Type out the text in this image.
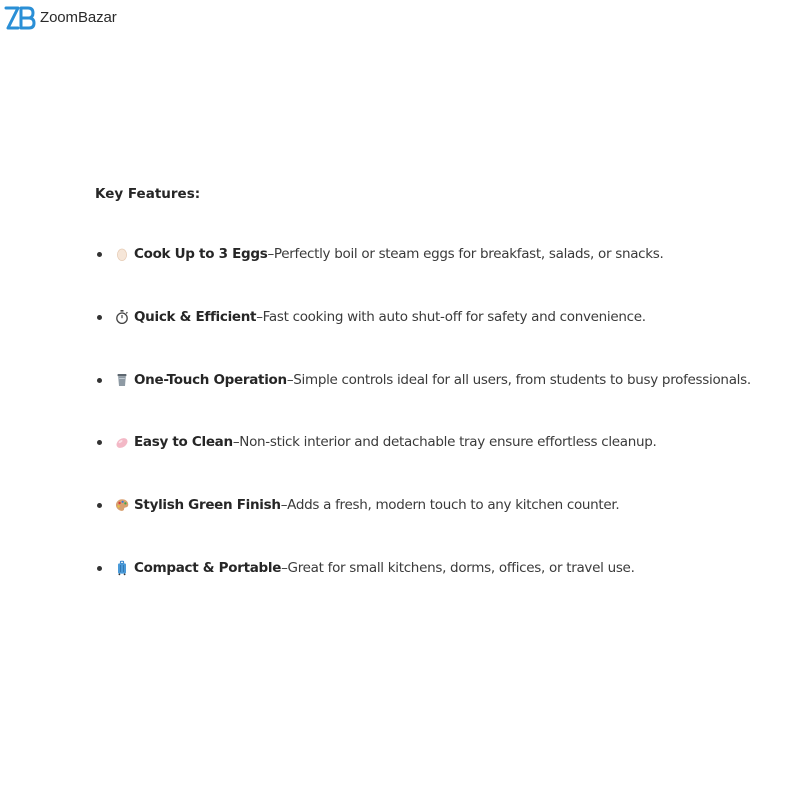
ZoomBazar
Key Features:
Cook Up to 3 Eggs – Perfectly boil or steam eggs for breakfast, salads, or snacks.
Quick & Efficient – Fast cooking with auto shut-off for safety and convenience.
One-Touch Operation – Simple controls ideal for all users, from students to busy professionals.
Easy to Clean – Non-stick interior and detachable tray ensure effortless cleanup.
Stylish Green Finish – Adds a fresh, modern touch to any kitchen counter.
Compact & Portable – Great for small kitchens, dorms, offices, or travel use.
